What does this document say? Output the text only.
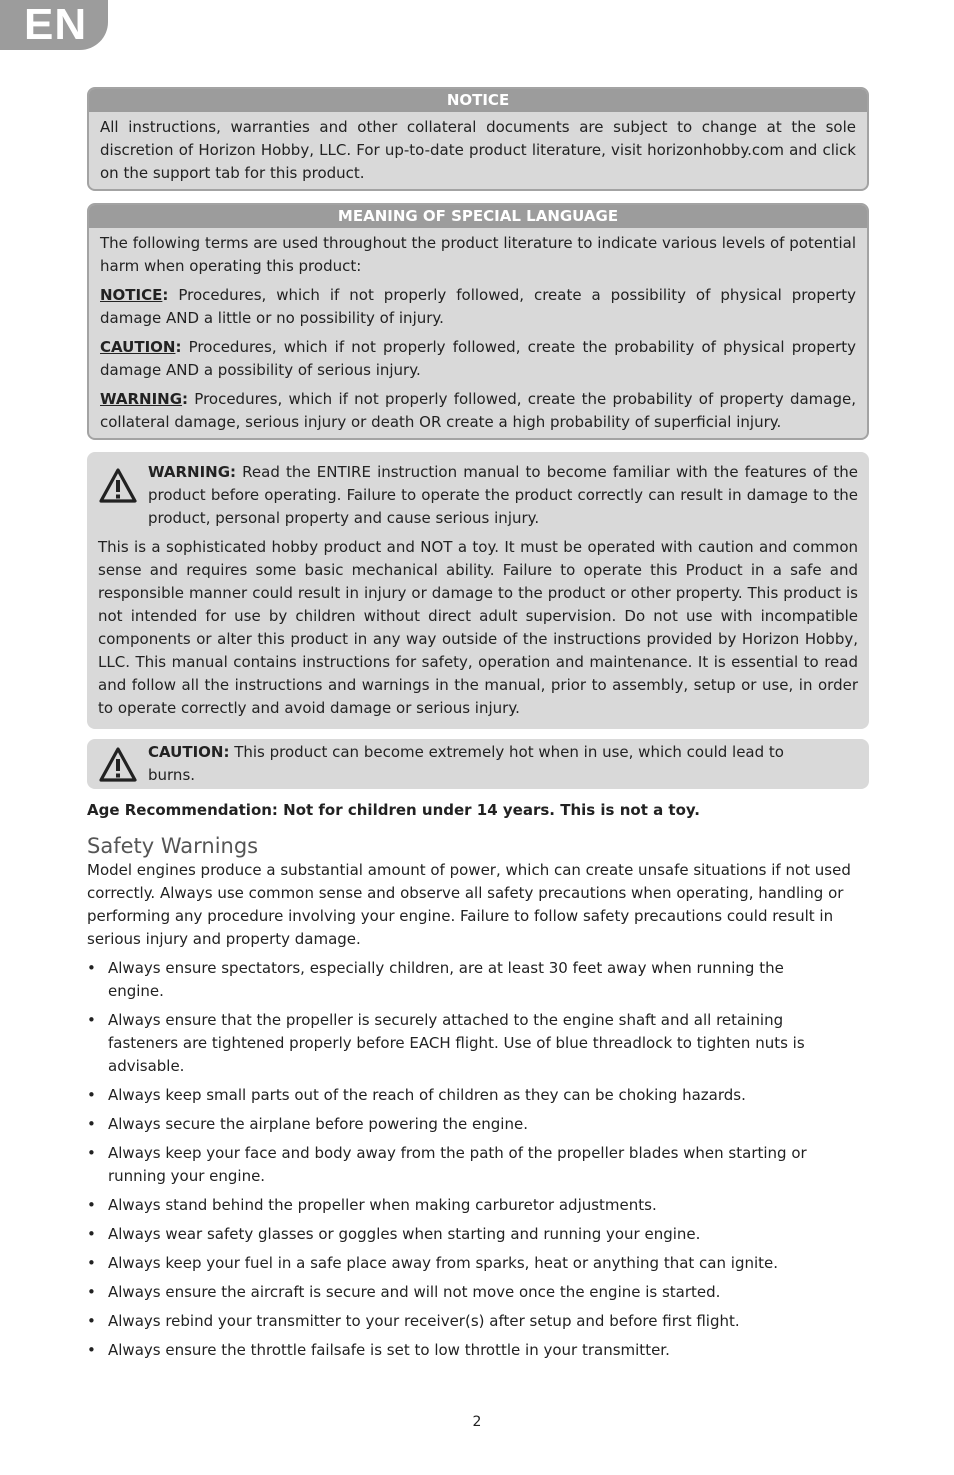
EN
NOTICE

All instructions, warranties and other collateral documents are subject to change at the sole discretion of Horizon Hobby, LLC. For up-to-date product literature, visit horizonhobby.com and click on the support tab for this product.

MEANING OF SPECIAL LANGUAGE

The following terms are used throughout the product literature to indicate various levels of potential harm when operating this product:

NOTICE: Procedures, which if not properly followed, create a possibility of physical property damage AND a little or no possibility of injury.

CAUTION: Procedures, which if not properly followed, create the probability of physical property damage AND a possibility of serious injury.

WARNING: Procedures, which if not properly followed, create the probability of property damage, collateral damage, serious injury or death OR create a high probability of superficial injury.

WARNING: Read the ENTIRE instruction manual to become familiar with the features of the product before operating. Failure to operate the product correctly can result in damage to the product, personal property and cause serious injury.
This is a sophisticated hobby product and NOT a toy. It must be operated with caution and common sense and requires some basic mechanical ability. Failure to operate this Product in a safe and responsible manner could result in injury or damage to the product or other property. This product is not intended for use by children without direct adult supervision. Do not use with incompatible components or alter this product in any way outside of the instructions provided by Horizon Hobby, LLC. This manual contains instructions for safety, operation and maintenance. It is essential to read and follow all the instructions and warnings in the manual, prior to assembly, setup or use, in order to operate correctly and avoid damage or serious injury.
CAUTION: This product can become extremely hot when in use, which could lead to burns.
Age Recommendation: Not for children under 14 years. This is not a toy.
Safety Warnings

Model engines produce a substantial amount of power, which can create unsafe situations if not used correctly. Always use common sense and observe all safety precautions when operating, handling or performing any procedure involving your engine. Failure to follow safety precautions could result in serious injury and property damage.

• Always ensure spectators, especially children, are at least 30 feet away when running the engine.
• Always ensure that the propeller is securely attached to the engine shaft and all retaining fasteners are tightened properly before EACH flight. Use of blue threadlock to tighten nuts is advisable.
• Always keep small parts out of the reach of children as they can be choking hazards.
• Always secure the airplane before powering the engine.
• Always keep your face and body away from the path of the propeller blades when starting or running your engine.
• Always stand behind the propeller when making carburetor adjustments.
• Always wear safety glasses or goggles when starting and running your engine.
• Always keep your fuel in a safe place away from sparks, heat or anything that can ignite.
• Always ensure the aircraft is secure and will not move once the engine is started.
• Always rebind your transmitter to your receiver(s) after setup and before first flight.
• Always ensure the throttle failsafe is set to low throttle in your transmitter.
2
